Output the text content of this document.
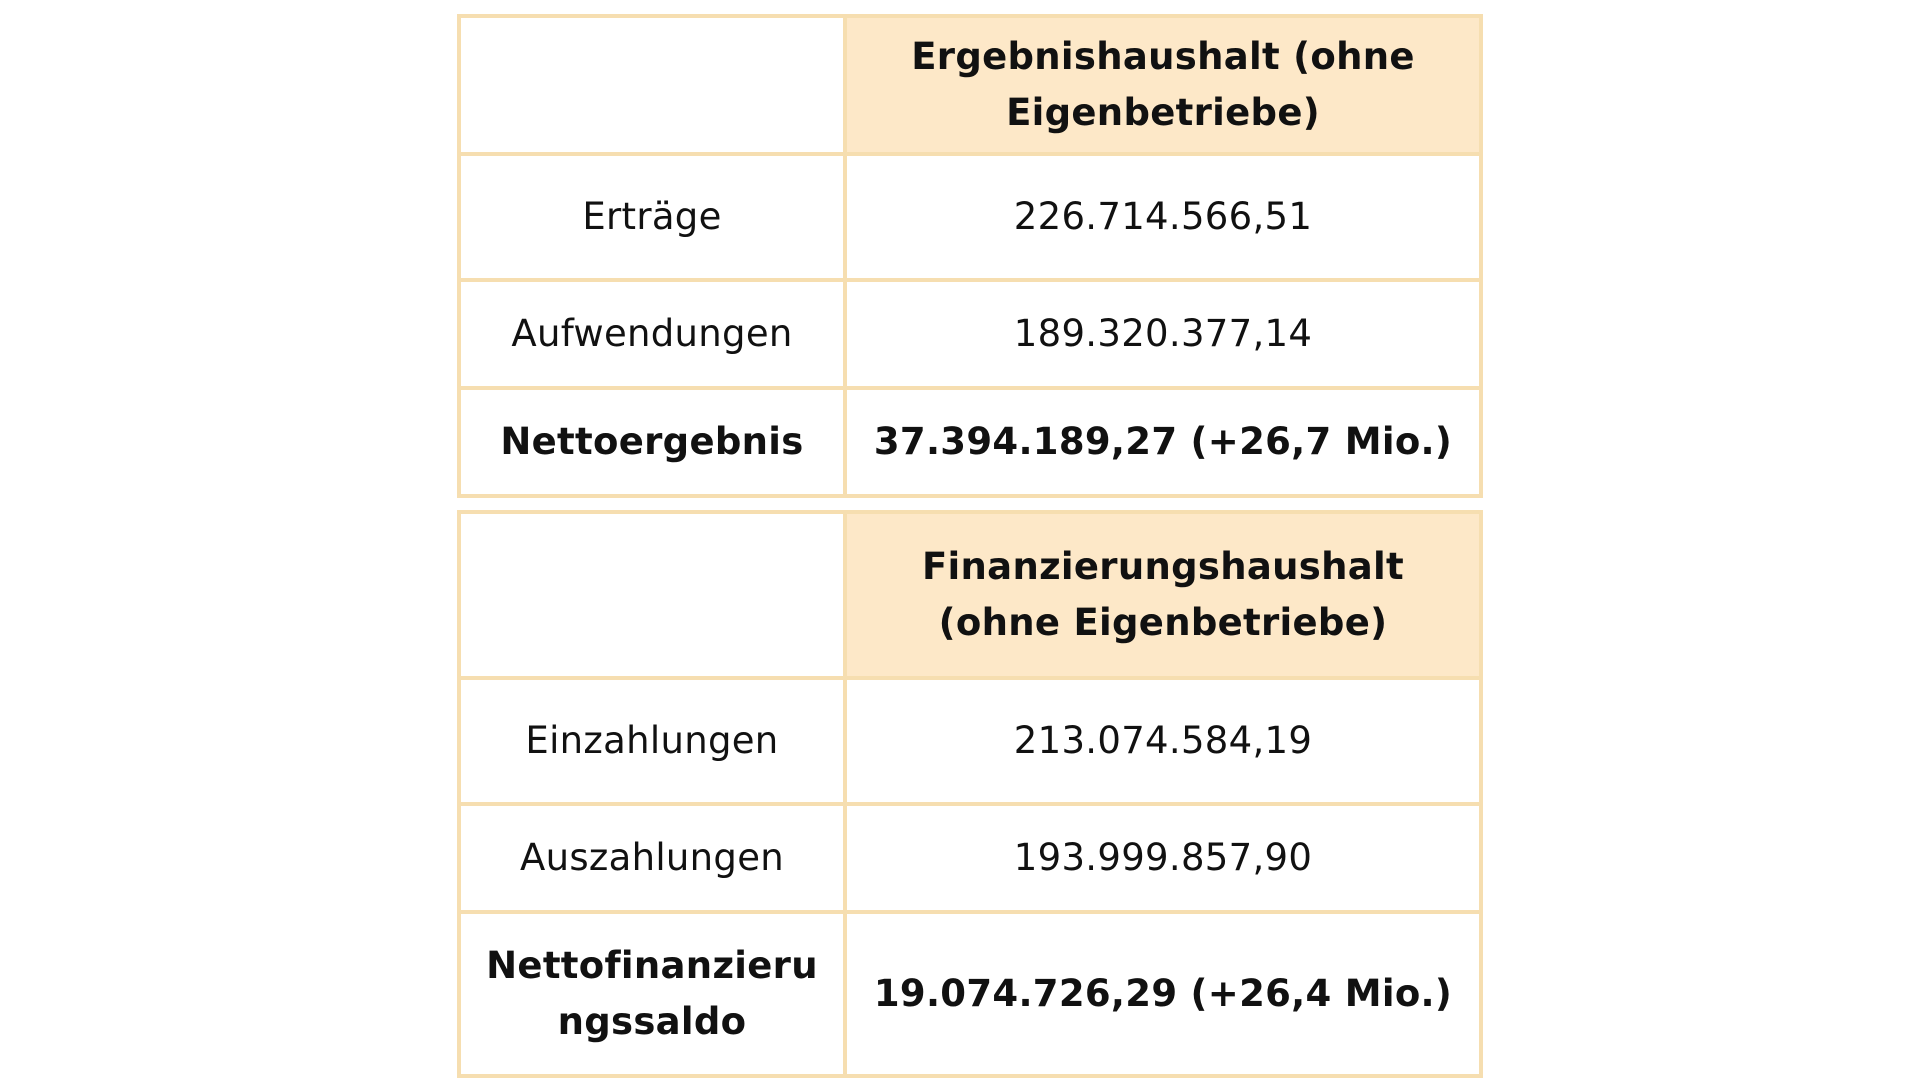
	Ergebnishaushalt (ohne Eigenbetriebe)
Erträge	226.714.566,51
Aufwendungen	189.320.377,14
Nettoergebnis	37.394.189,27 (+26,7 Mio.)
	Finanzierungshaushalt (ohne Eigenbetriebe)
Einzahlungen	213.074.584,19
Auszahlungen	193.999.857,90
Nettofinanzierungssaldo	19.074.726,29 (+26,4 Mio.)
